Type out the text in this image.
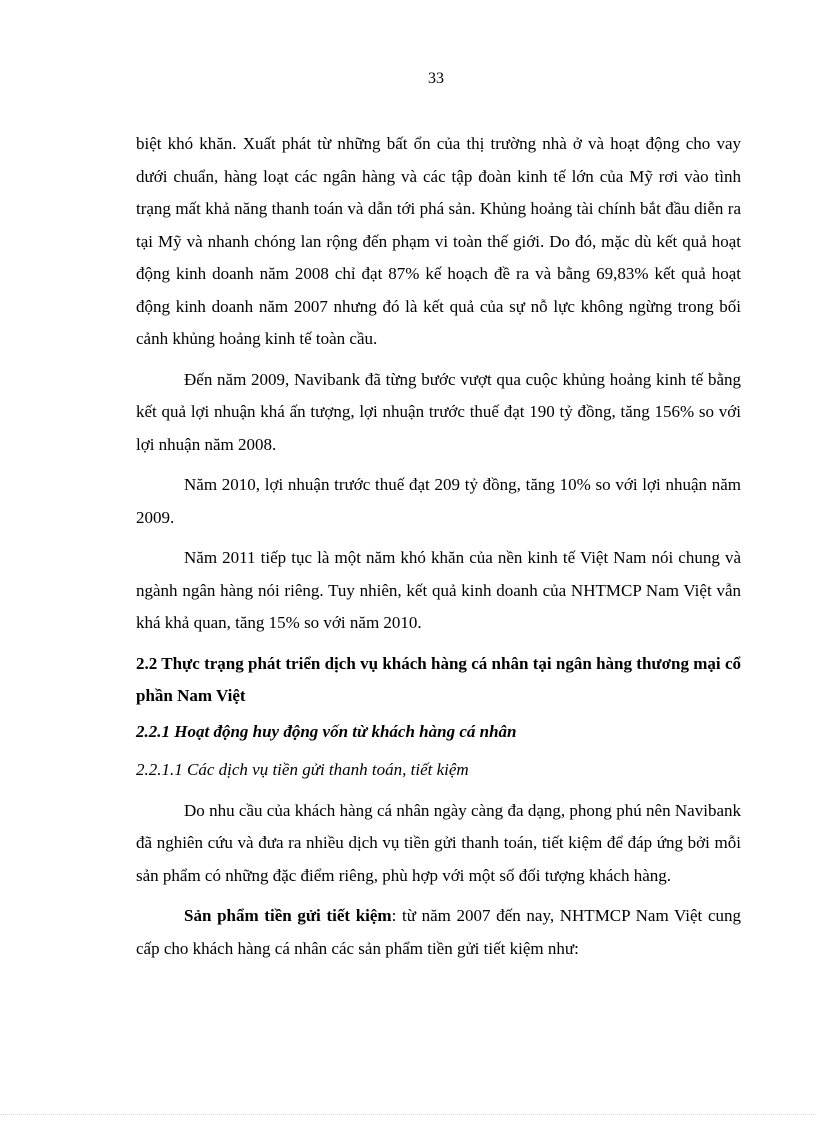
33

biệt khó khăn. Xuất phát từ những bất ổn của thị trường nhà ở và hoạt động cho vay dưới chuẩn, hàng loạt các ngân hàng và các tập đoàn kinh tế lớn của Mỹ rơi vào tình trạng mất khả năng thanh toán và dẫn tới phá sản. Khủng hoảng tài chính bắt đầu diễn ra tại Mỹ và nhanh chóng lan rộng đến phạm vi toàn thế giới. Do đó, mặc dù kết quả hoạt động kinh doanh năm 2008 chỉ đạt 87% kế hoạch đề ra và bằng 69,83% kết quả hoạt động kinh doanh năm 2007 nhưng đó là kết quả của sự nỗ lực không ngừng trong bối cảnh khủng hoảng kinh tế toàn cầu.

Đến năm 2009, Navibank đã từng bước vượt qua cuộc khủng hoảng kinh tế bằng kết quả lợi nhuận khá ấn tượng, lợi nhuận trước thuế đạt 190 tỷ đồng, tăng 156% so với lợi nhuận năm 2008.

Năm 2010, lợi nhuận trước thuế đạt 209 tỷ đồng, tăng 10% so với lợi nhuận năm 2009.

Năm 2011 tiếp tục là một năm khó khăn của nền kinh tế Việt Nam nói chung và ngành ngân hàng nói riêng. Tuy nhiên, kết quả kinh doanh của NHTMCP Nam Việt vẫn khá khả quan, tăng 15% so với năm 2010.

2.2 Thực trạng phát triển dịch vụ khách hàng cá nhân tại ngân hàng thương mại cổ phần Nam Việt
2.2.1 Hoạt động huy động vốn từ khách hàng cá nhân
2.2.1.1 Các dịch vụ tiền gửi thanh toán, tiết kiệm

Do nhu cầu của khách hàng cá nhân ngày càng đa dạng, phong phú nên Navibank đã nghiên cứu và đưa ra nhiều dịch vụ tiền gửi thanh toán, tiết kiệm để đáp ứng bởi mỗi sản phẩm có những đặc điểm riêng, phù hợp với một số đối tượng khách hàng.

Sản phẩm tiền gửi tiết kiệm: từ năm 2007 đến nay, NHTMCP Nam Việt cung cấp cho khách hàng cá nhân các sản phẩm tiền gửi tiết kiệm như:
